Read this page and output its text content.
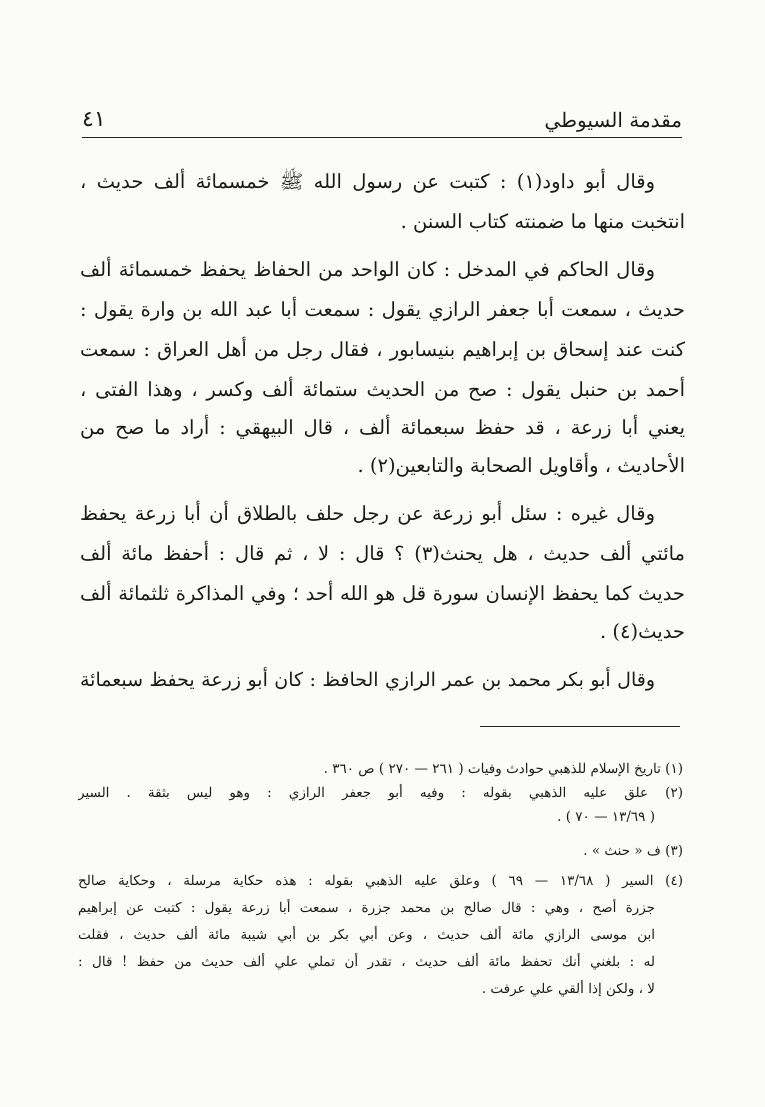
مقدمة السيوطي
٤١
وقال أبو داود(١) : كتبت عن رسول الله ﷺ خمسمائة ألف حديث ،
انتخبت منها ما ضمنته كتاب السنن .
وقال الحاكم في المدخل : كان الواحد من الحفاظ يحفظ خمسمائة ألف
حديث ، سمعت أبا جعفر الرازي يقول : سمعت أبا عبد الله بن وارة يقول :
كنت عند إسحاق بن إبراهيم بنيسابور ، فقال رجل من أهل العراق : سمعت
أحمد بن حنبل يقول : صح من الحديث ستمائة ألف وكسر ، وهذا الفتى ،
يعني أبا زرعة ، قد حفظ سبعمائة ألف ، قال البيهقي : أراد ما صح من
الأحاديث ، وأقاويل الصحابة والتابعين(٢) .
وقال غيره : سئل أبو زرعة عن رجل حلف بالطلاق أن أبا زرعة يحفظ
مائتي ألف حديث ، هل يحنث(٣) ؟ قال : لا ، ثم قال : أحفظ مائة ألف
حديث كما يحفظ الإنسان سورة قل هو الله أحد ؛ وفي المذاكرة ثلثمائة ألف
حديث(٤) .
وقال أبو بكر محمد بن عمر الرازي الحافظ : كان أبو زرعة يحفظ سبعمائة
(١) تاريخ الإسلام للذهبي حوادث وفيات ( ٢٦١ — ٢٧٠ ) ص ٣٦٠ .
(٢) علق عليه الذهبي بقوله : وفيه أبو جعفر الرازي : وهو ليس بثقة . السير
( ١٣/٦٩ — ٧٠ ) .
(٣) ف « حنث » .
(٤) السير ( ١٣/٦٨ — ٦٩ ) وعلق عليه الذهبي بقوله : هذه حكاية مرسلة ، وحكاية صالح
جزرة أصح ، وهي : قال صالح بن محمد جزرة ، سمعت أبا زرعة يقول : كتبت عن إبراهيم
ابن موسى الرازي مائة ألف حديث ، وعن أبي بكر بن أبي شيبة مائة ألف حديث ، فقلت
له : بلغني أنك تحفظ مائة ألف حديث ، تقدر أن تملي علي ألف حديث من حفظ ! قال :
لا ، ولكن إذا ألقي علي عرفت .
